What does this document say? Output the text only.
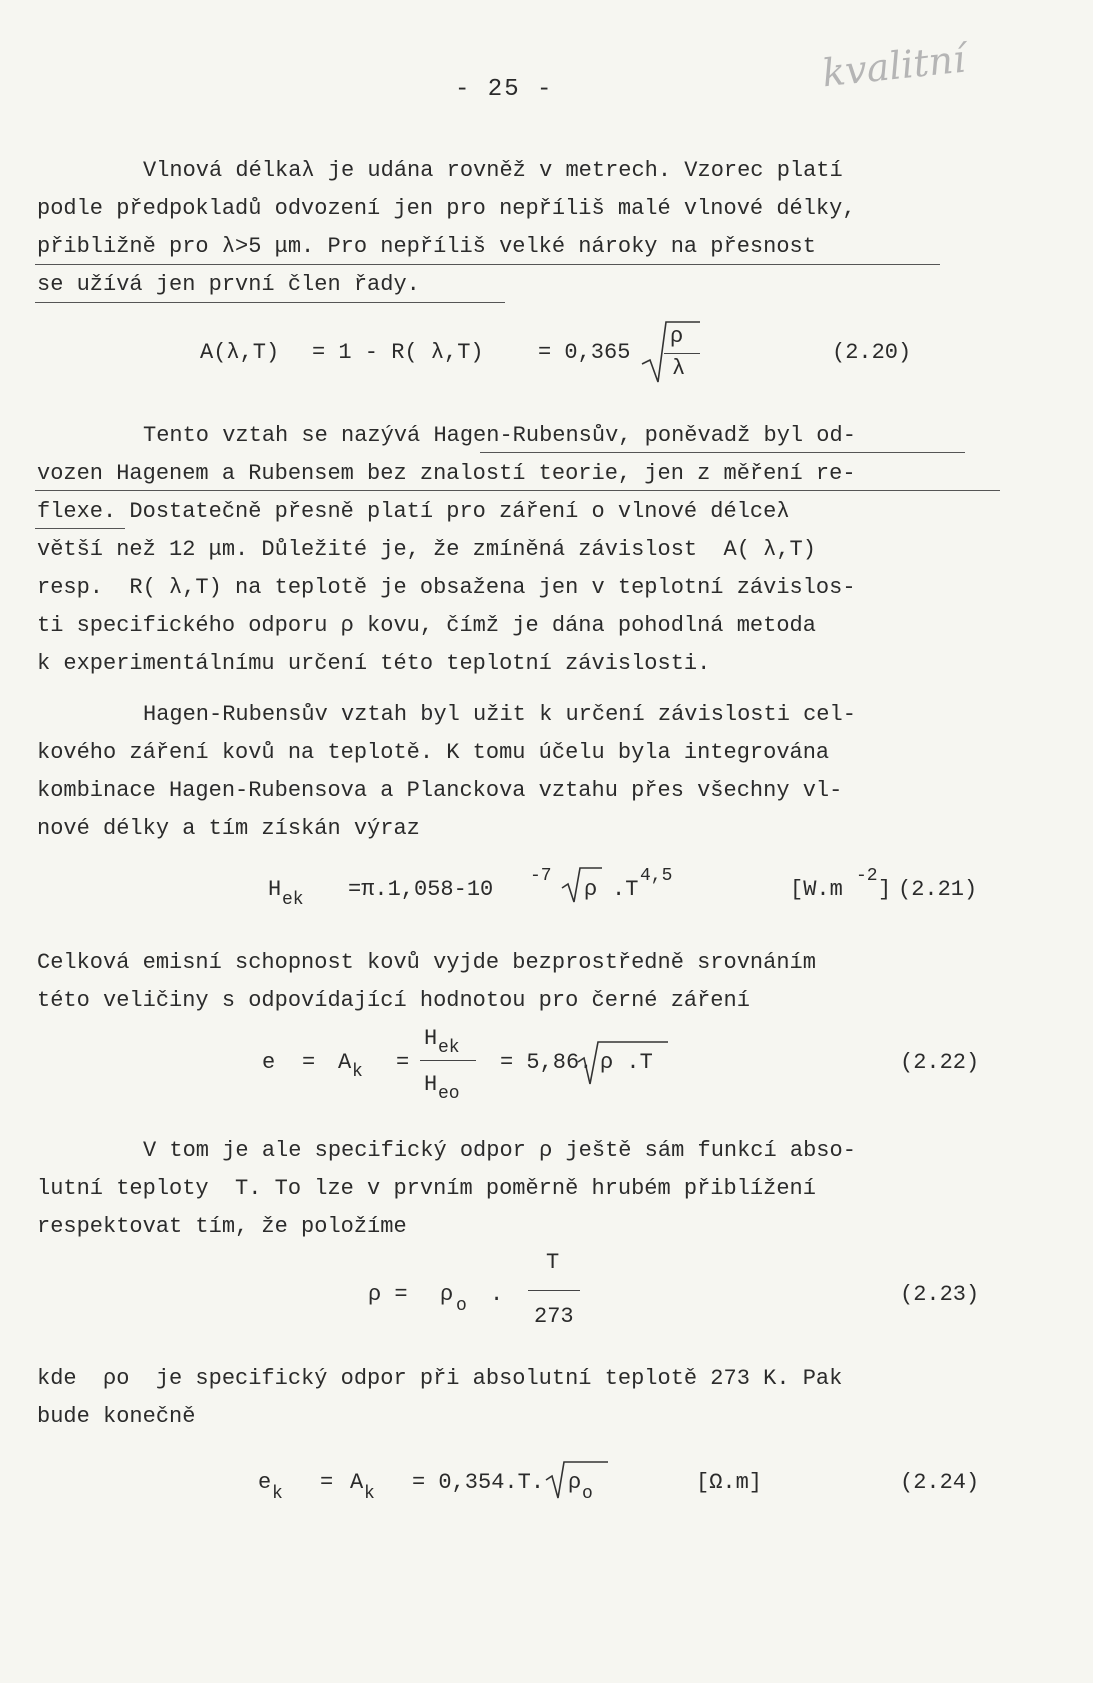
- 25 -	kvalitní
Vlnová délkaλ je udána rovněž v metrech. Vzorec platí
podle předpokladů odvození jen pro nepříliš malé vlnové délky,
přibližně pro λ>5 μm. Pro nepříliš velké nároky na přesnost
se užívá jen první člen řady.
A(λ,T) = 1 - R( λ,T) = 0,365
ρ
λ
(2.20)
Tento vztah se nazývá Hagen-Rubensův, poněvadž byl od-
vozen Hagenem a Rubensem bez znalostí teorie, jen z měření re-
flexe. Dostatečně přesně platí pro záření o vlnové délceλ
větší než 12 μm. Důležité je, že zmíněná závislost  A( λ,T)
resp.  R( λ,T) na teplotě je obsažena jen v teplotní závislos-
ti specifického odporu ρ kovu, čímž je dána pohodlná metoda
k experimentálnímu určení této teplotní závislosti.
Hagen-Rubensův vztah byl užit k určení závislosti cel-
kového záření kovů na teplotě. K tomu účelu byla integrována
kombinace Hagen-Rubensova a Planckova vztahu přes všechny vl-
nové délky a tím získán výraz
H ek =π.1,058-10
-7
ρ .T
4,5
[W.m
-2
] (2.21)
Celková emisní schopnost kovů vyjde bezprostředně srovnáním
této veličiny s odpovídající hodnotou pro černé záření
e = A k =
H ek
H eo
= 5,86. ρ .T	(2.22)
V tom je ale specifický odpor ρ ještě sám funkcí abso-
lutní teploty  T. To lze v prvním poměrně hrubém přiblížení
respektovat tím, že položíme
ρ = ρ o .
T
273
(2.23)
kde  ρo  je specifický odpor při absolutní teplotě 273 K. Pak
bude konečně
e k = A k = 0,354.T. ρ o	[Ω.m]	(2.24)
